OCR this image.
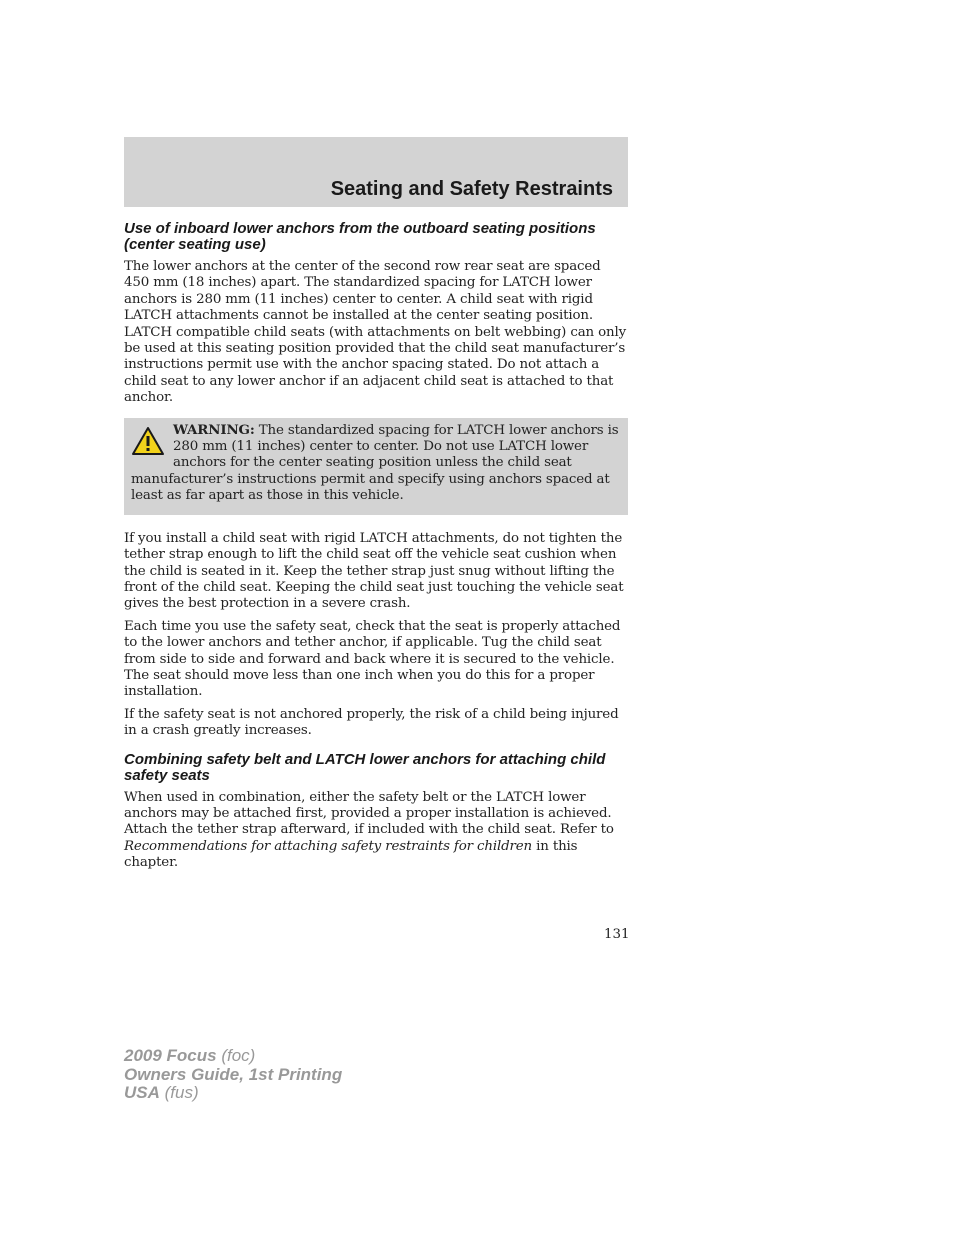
Seating and Safety Restraints
Use of inboard lower anchors from the outboard seating positions (center seating use)

The lower anchors at the center of the second row rear seat are spaced 450 mm (18 inches) apart. The standardized spacing for LATCH lower anchors is 280 mm (11 inches) center to center. A child seat with rigid LATCH attachments cannot be installed at the center seating position. LATCH compatible child seats (with attachments on belt webbing) can only be used at this seating position provided that the child seat manufacturer’s instructions permit use with the anchor spacing stated. Do not attach a child seat to any lower anchor if an adjacent child seat is attached to that anchor.

WARNING: The standardized spacing for LATCH lower anchors is 280 mm (11 inches) center to center. Do not use LATCH lower anchors for the center seating position unless the child seat manufacturer’s instructions permit and specify using anchors spaced at least as far apart as those in this vehicle.

If you install a child seat with rigid LATCH attachments, do not tighten the tether strap enough to lift the child seat off the vehicle seat cushion when the child is seated in it. Keep the tether strap just snug without lifting the front of the child seat. Keeping the child seat just touching the vehicle seat gives the best protection in a severe crash.

Each time you use the safety seat, check that the seat is properly attached to the lower anchors and tether anchor, if applicable. Tug the child seat from side to side and forward and back where it is secured to the vehicle. The seat should move less than one inch when you do this for a proper installation.

If the safety seat is not anchored properly, the risk of a child being injured in a crash greatly increases.

Combining safety belt and LATCH lower anchors for attaching child safety seats

When used in combination, either the safety belt or the LATCH lower anchors may be attached first, provided a proper installation is achieved. Attach the tether strap afterward, if included with the child seat. Refer to Recommendations for attaching safety restraints for children in this chapter.

131
2009 Focus (foc)
Owners Guide, 1st Printing
USA (fus)
